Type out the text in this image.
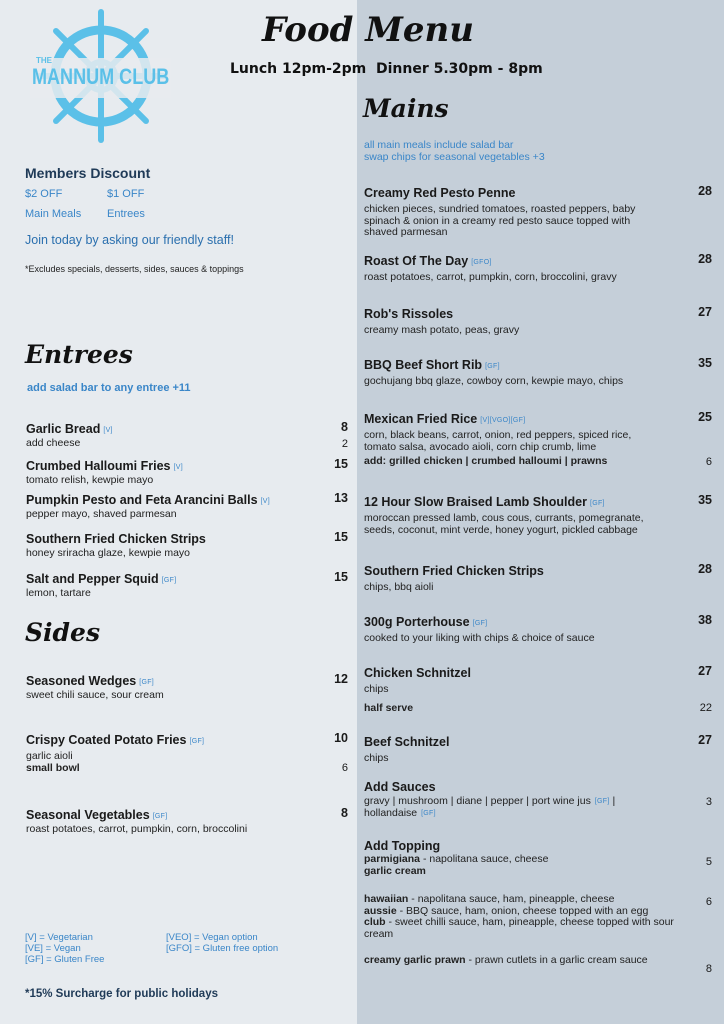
THE
MANNUM CLUB
Food Menu
Lunch 12pm-2pm  Dinner 5.30pm - 8pm
Members Discount
$2 OFF	$1 OFF
Main Meals Entrees
Join today by asking our friendly staff!
*Excludes specials, desserts, sides, sauces & toppings
Entrees
add salad bar to any entree +11
Garlic Bread [V]
add cheese
8
2
Crumbed Halloumi Fries [V]
tomato relish, kewpie mayo
15
Pumpkin Pesto and Feta Arancini Balls [V]
pepper mayo, shaved parmesan
13
Southern Fried Chicken Strips
honey sriracha glaze, kewpie mayo
15
Salt and Pepper Squid [GF]
lemon, tartare
15
Sides
Seasoned Wedges [GF]
sweet chili sauce, sour cream
12
Crispy Coated Potato Fries [GF]
garlic aioli
small bowl
10
6
Seasonal Vegetables [GF]
roast potatoes, carrot, pumpkin, corn, broccolini
8
[V] = Vegetarian
[VE] = Vegan
[GF] = Gluten Free
[VEO] = Vegan option
[GFO] = Gluten free option
*15% Surcharge for public holidays
Mains
all main meals include salad bar
swap chips for seasonal vegetables +3
Creamy Red Pesto Penne
chicken pieces, sundried tomatoes, roasted peppers, baby spinach & onion in a creamy red pesto sauce topped with shaved parmesan
28
Roast Of The Day [GFO]
roast potatoes, carrot, pumpkin, corn, broccolini, gravy
28
Rob's Rissoles
creamy mash potato, peas, gravy
27
BBQ Beef Short Rib [GF]
gochujang bbq glaze, cowboy corn, kewpie mayo, chips
35
Mexican Fried Rice [V][VGO][GF]
corn, black beans, carrot, onion, red peppers, spiced rice, tomato salsa, avocado aioli, corn chip crumb, lime
add: grilled chicken | crumbed halloumi | prawns
25
6
12 Hour Slow Braised Lamb Shoulder [GF]
moroccan pressed lamb, cous cous, currants, pomegranate, seeds, coconut, mint verde, honey yogurt, pickled cabbage
35
Southern Fried Chicken Strips
chips, bbq aioli
28
300g Porterhouse [GF]
cooked to your liking with chips & choice of sauce
38
Chicken Schnitzel
chips
half serve
27
22
Beef Schnitzel
chips
27
Add Sauces
gravy | mushroom | diane | pepper | port wine jus [GF] |
hollandaise [GF]
3
Add Topping
parmigiana - napolitana sauce, cheese
garlic cream
5
hawaiian - napolitana sauce, ham, pineapple, cheese
aussie - BBQ sauce, ham, onion, cheese topped with an egg
club - sweet chilli sauce, ham, pineapple, cheese topped with sour cream
6
creamy garlic prawn - prawn cutlets in a garlic cream sauce
8
